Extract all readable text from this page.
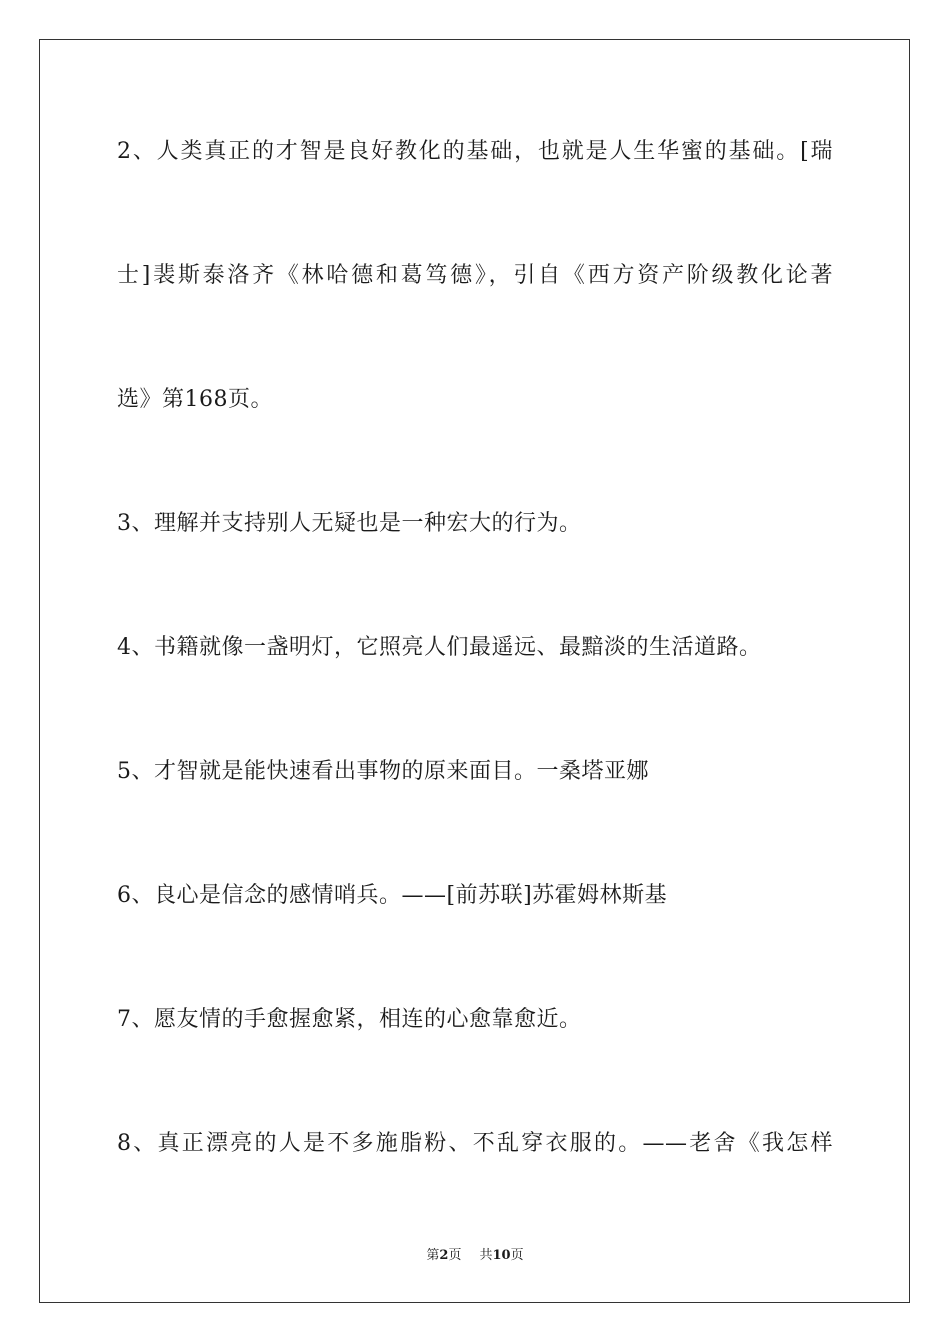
2、人类真正的才智是良好教化的基础，也就是人生华蜜的基础。[瑞
士]裴斯泰洛齐《林哈德和葛笃德》，引自《西方资产阶级教化论著
选》第168页。
3、理解并支持别人无疑也是一种宏大的行为。
4、书籍就像一盏明灯，它照亮人们最遥远、最黯淡的生活道路。
5、才智就是能快速看出事物的原来面目。一桑塔亚娜
6、良心是信念的感情哨兵。——[前苏联]苏霍姆林斯基
7、愿友情的手愈握愈紧，相连的心愈靠愈近。
8、真正漂亮的人是不多施脂粉、不乱穿衣服的。——老舍《我怎样
第2页 共10页
